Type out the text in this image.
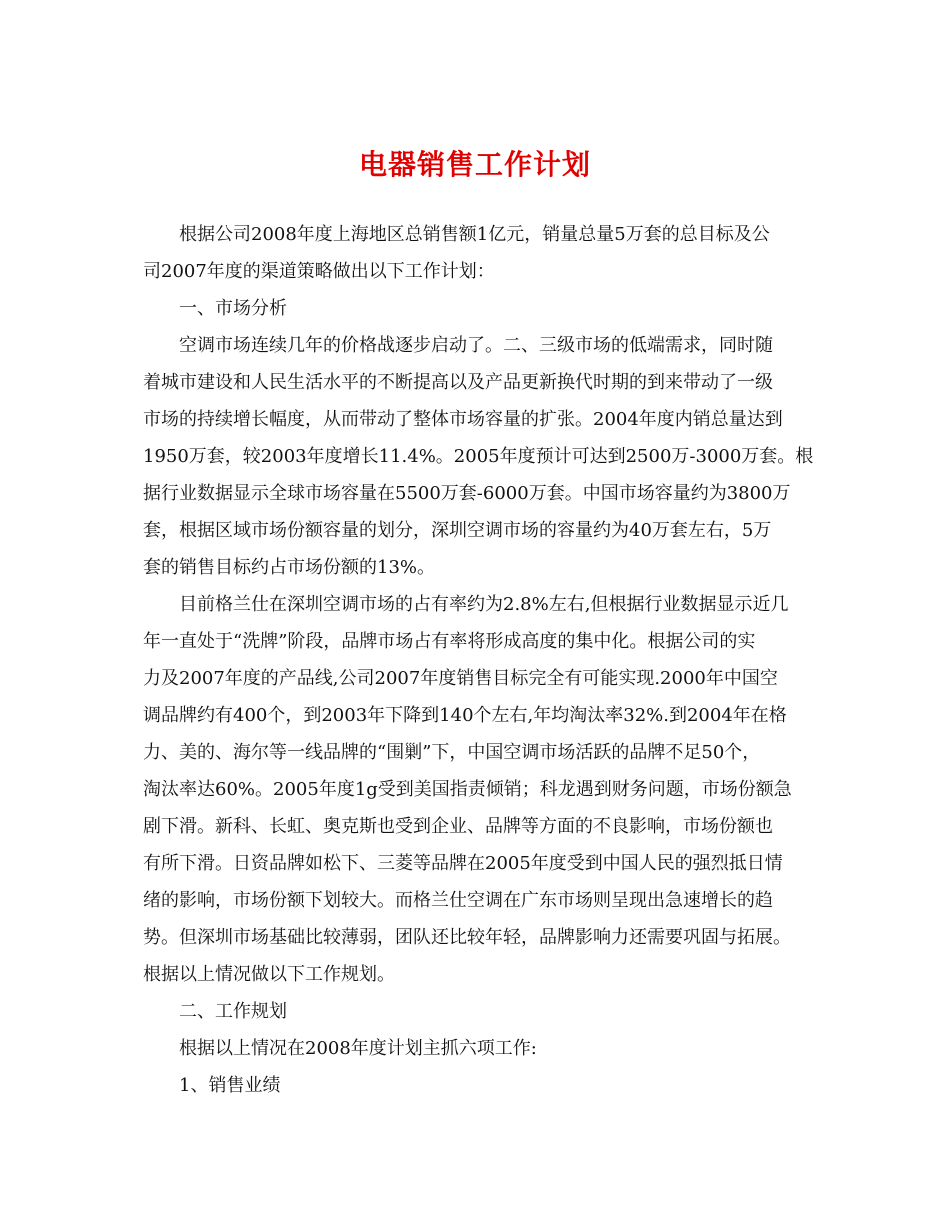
电器销售工作计划
根据公司2008年度上海地区总销售额1亿元，销量总量5万套的总目标及公
司2007年度的渠道策略做出以下工作计划：
一、市场分析
空调市场连续几年的价格战逐步启动了。二、三级市场的低端需求，同时随
着城市建设和人民生活水平的不断提高以及产品更新换代时期的到来带动了一级
市场的持续增长幅度，从而带动了整体市场容量的扩张。2004年度内销总量达到
1950万套，较2003年度增长11.4%。2005年度预计可达到2500万-3000万套。根
据行业数据显示全球市场容量在5500万套-6000万套。中国市场容量约为3800万
套，根据区域市场份额容量的划分，深圳空调市场的容量约为40万套左右，5万
套的销售目标约占市场份额的13%。
目前格兰仕在深圳空调市场的占有率约为2.8%左右,但根据行业数据显示近几
年一直处于“洗牌”阶段，品牌市场占有率将形成高度的集中化。根据公司的实
力及2007年度的产品线,公司2007年度销售目标完全有可能实现.2000年中国空
调品牌约有400个，到2003年下降到140个左右,年均淘汰率32%.到2004年在格
力、美的、海尔等一线品牌的“围剿”下，中国空调市场活跃的品牌不足50个，
淘汰率达60%。2005年度1g受到美国指责倾销；科龙遇到财务问题，市场份额急
剧下滑。新科、长虹、奥克斯也受到企业、品牌等方面的不良影响，市场份额也
有所下滑。日资品牌如松下、三菱等品牌在2005年度受到中国人民的强烈抵日情
绪的影响，市场份额下划较大。而格兰仕空调在广东市场则呈现出急速增长的趋
势。但深圳市场基础比较薄弱，团队还比较年轻，品牌影响力还需要巩固与拓展。
根据以上情况做以下工作规划。
二、工作规划
根据以上情况在2008年度计划主抓六项工作:
1、销售业绩
